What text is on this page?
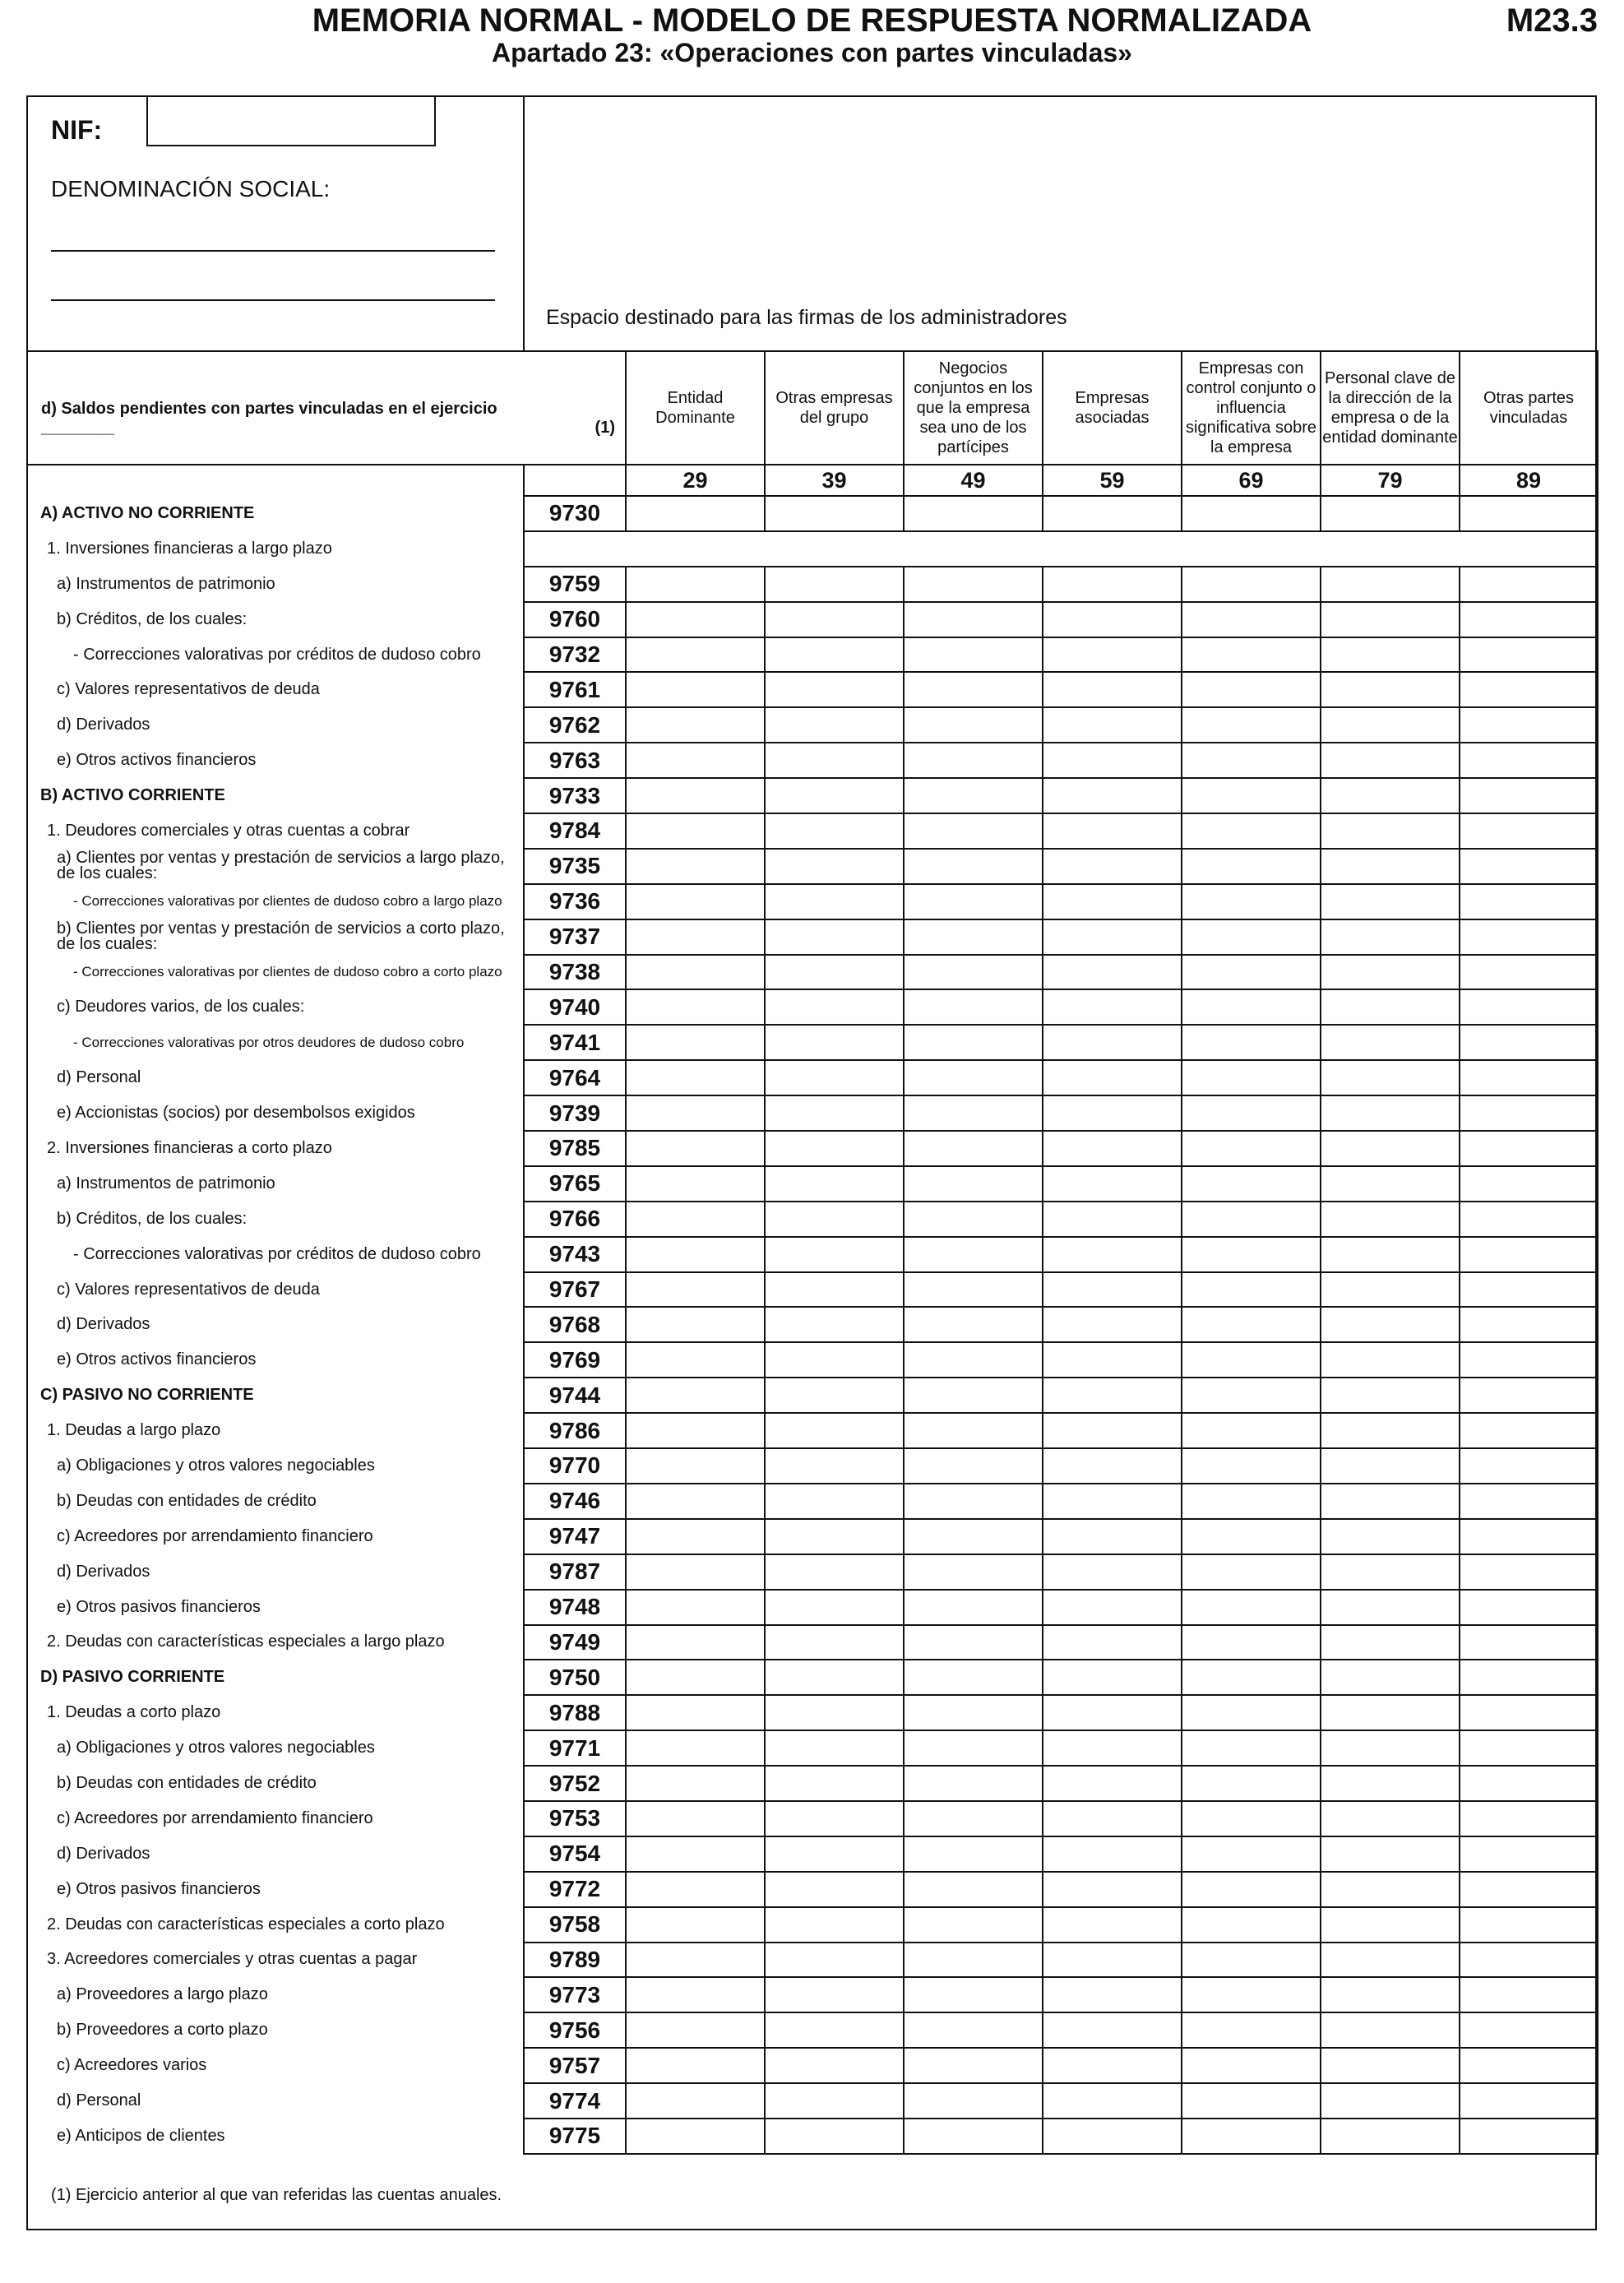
MEMORIA NORMAL - MODELO DE RESPUESTA NORMALIZADA	M23.3
Apartado 23: «Operaciones con partes vinculadas»
NIF:
DENOMINACIÓN SOCIAL:
Espacio destinado para las firmas de los administradores
d) Saldos pendientes con partes vinculadas en el ejercicio ________	(1)	Entidad Dominante	Otras empresas del grupo	Negocios conjuntos en los que la empresa sea uno de los partícipes	Empresas asociadas	Empresas con control conjunto o influencia significativa sobre la empresa	Personal clave de la dirección de la empresa o de la entidad dominante	Otras partes vinculadas
		29	39	49	59	69	79	89
A) ACTIVO NO CORRIENTE	9730							
1. Inversiones financieras a largo plazo								
a) Instrumentos de patrimonio	9759							
b) Créditos, de los cuales:	9760							
- Correcciones valorativas por créditos de dudoso cobro	9732							
c) Valores representativos de deuda	9761							
d) Derivados	9762							
e) Otros activos financieros	9763							
B) ACTIVO CORRIENTE	9733							
1. Deudores comerciales y otras cuentas a cobrar	9784							
a) Clientes por ventas y prestación de servicios a largo plazo, de los cuales:	9735							
- Correcciones valorativas por clientes de dudoso cobro a largo plazo	9736							
b) Clientes por ventas y prestación de servicios a corto plazo, de los cuales:	9737							
- Correcciones valorativas por clientes de dudoso cobro a corto plazo	9738							
c) Deudores varios, de los cuales:	9740							
- Correcciones valorativas por otros deudores de dudoso cobro	9741							
d) Personal	9764							
e) Accionistas (socios) por desembolsos exigidos	9739							
2. Inversiones financieras a corto plazo	9785							
a) Instrumentos de patrimonio	9765							
b) Créditos, de los cuales:	9766							
- Correcciones valorativas por créditos de dudoso cobro	9743							
c) Valores representativos de deuda	9767							
d) Derivados	9768							
e) Otros activos financieros	9769							
C) PASIVO NO CORRIENTE	9744							
1. Deudas a largo plazo	9786							
a) Obligaciones y otros valores negociables	9770							
b) Deudas con entidades de crédito	9746							
c) Acreedores por arrendamiento financiero	9747							
d) Derivados	9787							
e) Otros pasivos financieros	9748							
2. Deudas con características especiales a largo plazo	9749							
D) PASIVO CORRIENTE	9750							
1. Deudas a corto plazo	9788							
a) Obligaciones y otros valores negociables	9771							
b) Deudas con entidades de crédito	9752							
c) Acreedores por arrendamiento financiero	9753							
d) Derivados	9754							
e) Otros pasivos financieros	9772							
2. Deudas con características especiales a corto plazo	9758							
3. Acreedores comerciales y otras cuentas a pagar	9789							
a) Proveedores a largo plazo	9773							
b) Proveedores a corto plazo	9756							
c) Acreedores varios	9757							
d) Personal	9774							
e) Anticipos de clientes	9775							
(1) Ejercicio anterior al que van referidas las cuentas anuales.
